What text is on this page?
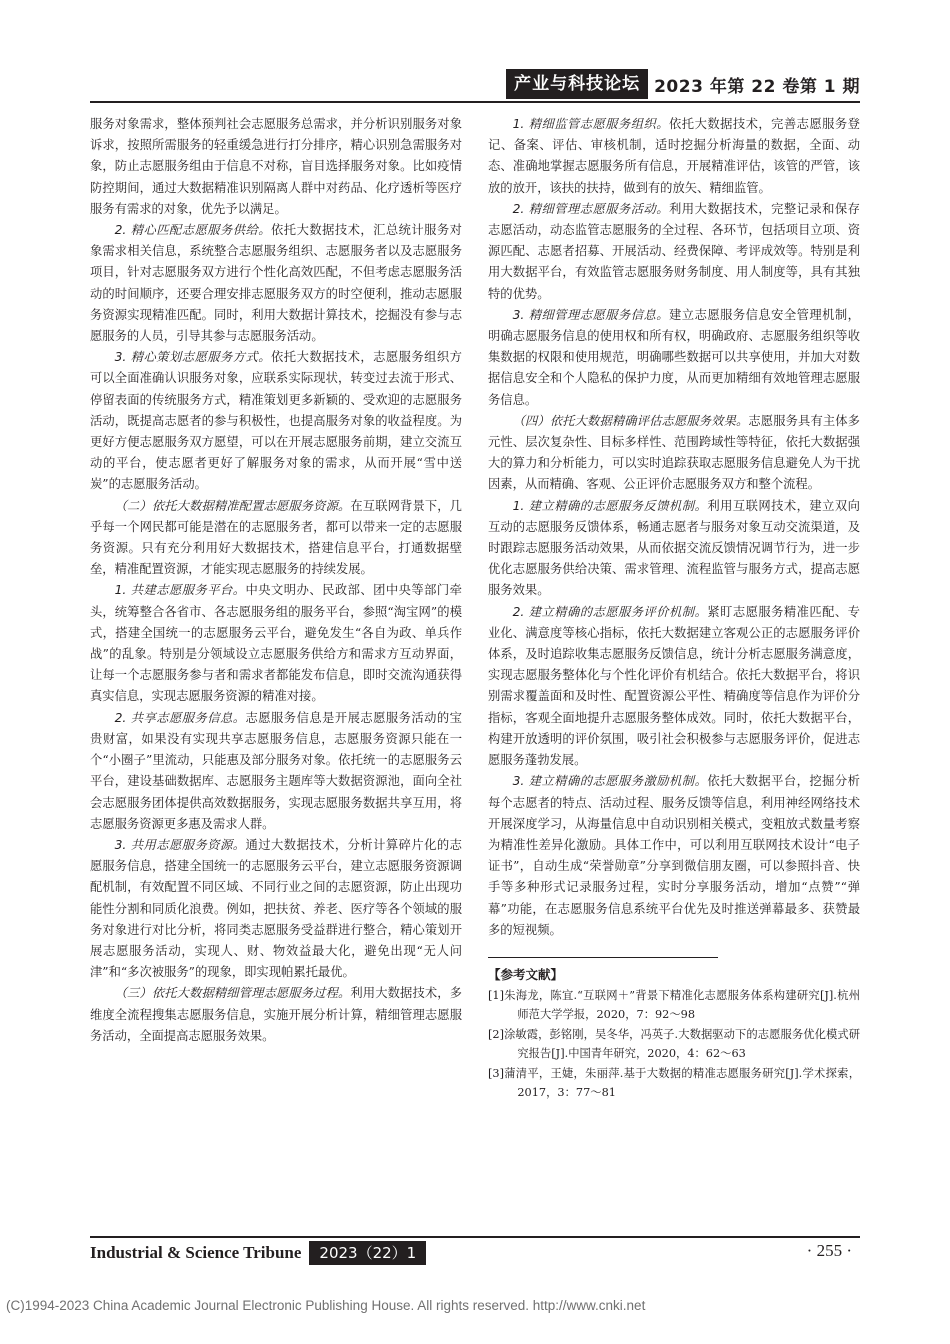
产业与科技论坛 2023 年第 22 卷第 1 期

服务对象需求，整体预判社会志愿服务总需求，并分析识别服务对象诉求，按照所需服务的轻重缓急进行打分排序，精心识别急需服务对象，防止志愿服务组由于信息不对称，盲目选择服务对象。比如疫情防控期间，通过大数据精准识别隔离人群中对药品、化疗透析等医疗服务有需求的对象，优先予以满足。

2. 精心匹配志愿服务供给。依托大数据技术，汇总统计服务对象需求相关信息，系统整合志愿服务组织、志愿服务者以及志愿服务项目，针对志愿服务双方进行个性化高效匹配，不但考虑志愿服务活动的时间顺序，还要合理安排志愿服务双方的时空便利，推动志愿服务资源实现精准匹配。同时，利用大数据计算技术，挖掘没有参与志愿服务的人员，引导其参与志愿服务活动。

3. 精心策划志愿服务方式。依托大数据技术，志愿服务组织方可以全面准确认识服务对象，应联系实际现状，转变过去流于形式、停留表面的传统服务方式，精准策划更多新颖的、受欢迎的志愿服务活动，既提高志愿者的参与积极性，也提高服务对象的收益程度。为更好方便志愿服务双方愿望，可以在开展志愿服务前期，建立交流互动的平台，使志愿者更好了解服务对象的需求，从而开展“雪中送炭”的志愿服务活动。

（二）依托大数据精准配置志愿服务资源。在互联网背景下，几乎每一个网民都可能是潜在的志愿服务者，都可以带来一定的志愿服务资源。只有充分利用好大数据技术，搭建信息平台，打通数据壁垒，精准配置资源，才能实现志愿服务的持续发展。

1. 共建志愿服务平台。中央文明办、民政部、团中央等部门牵头，统筹整合各省市、各志愿服务组的服务平台，参照“淘宝网”的模式，搭建全国统一的志愿服务云平台，避免发生“各自为政、单兵作战”的乱象。特别是分领域设立志愿服务供给方和需求方互动界面，让每一个志愿服务参与者和需求者都能发布信息，即时交流沟通获得真实信息，实现志愿服务资源的精准对接。

2. 共享志愿服务信息。志愿服务信息是开展志愿服务活动的宝贵财富，如果没有实现共享志愿服务信息，志愿服务资源只能在一个“小圈子”里流动，只能惠及部分服务对象。依托统一的志愿服务云平台，建设基础数据库、志愿服务主题库等大数据资源池，面向全社会志愿服务团体提供高效数据服务，实现志愿服务数据共享互用，将志愿服务资源更多惠及需求人群。

3. 共用志愿服务资源。通过大数据技术，分析计算碎片化的志愿服务信息，搭建全国统一的志愿服务云平台，建立志愿服务资源调配机制，有效配置不同区域、不同行业之间的志愿资源，防止出现功能性分割和同质化浪费。例如，把扶贫、养老、医疗等各个领域的服务对象进行对比分析，将同类志愿服务受益群进行整合，精心策划开展志愿服务活动，实现人、财、物效益最大化，避免出现“无人问津”和“多次被服务”的现象，即实现帕累托最优。

（三）依托大数据精细管理志愿服务过程。利用大数据技术，多维度全流程搜集志愿服务信息，实施开展分析计算，精细管理志愿服务活动，全面提高志愿服务效果。

1. 精细监管志愿服务组织。依托大数据技术，完善志愿服务登记、备案、评估、审核机制，适时挖掘分析海量的数据，全面、动态、准确地掌握志愿服务所有信息，开展精准评估，该管的严管，该放的放开，该扶的扶持，做到有的放矢、精细监管。

2. 精细管理志愿服务活动。利用大数据技术，完整记录和保存志愿活动，动态监管志愿服务的全过程、各环节，包括项目立项、资源匹配、志愿者招募、开展活动、经费保障、考评成效等。特别是利用大数据平台，有效监管志愿服务财务制度、用人制度等，具有其独特的优势。

3. 精细管理志愿服务信息。建立志愿服务信息安全管理机制，明确志愿服务信息的使用权和所有权，明确政府、志愿服务组织等收集数据的权限和使用规范，明确哪些数据可以共享使用，并加大对数据信息安全和个人隐私的保护力度，从而更加精细有效地管理志愿服务信息。

（四）依托大数据精确评估志愿服务效果。志愿服务具有主体多元性、层次复杂性、目标多样性、范围跨域性等特征，依托大数据强大的算力和分析能力，可以实时追踪获取志愿服务信息避免人为干扰因素，从而精确、客观、公正评价志愿服务双方和整个流程。

1. 建立精确的志愿服务反馈机制。利用互联网技术，建立双向互动的志愿服务反馈体系，畅通志愿者与服务对象互动交流渠道，及时跟踪志愿服务活动效果，从而依据交流反馈情况调节行为，进一步优化志愿服务供给决策、需求管理、流程监管与服务方式，提高志愿服务效果。

2. 建立精确的志愿服务评价机制。紧盯志愿服务精准匹配、专业化、满意度等核心指标，依托大数据建立客观公正的志愿服务评价体系，及时追踪收集志愿服务反馈信息，统计分析志愿服务满意度，实现志愿服务整体化与个性化评价有机结合。依托大数据平台，将识别需求覆盖面和及时性、配置资源公平性、精确度等信息作为评价分指标，客观全面地提升志愿服务整体成效。同时，依托大数据平台，构建开放透明的评价氛围，吸引社会积极参与志愿服务评价，促进志愿服务蓬勃发展。

3. 建立精确的志愿服务激励机制。依托大数据平台，挖掘分析每个志愿者的特点、活动过程、服务反馈等信息，利用神经网络技术开展深度学习，从海量信息中自动识别相关模式，变粗放式数量考察为精准性差异化激励。具体工作中，可以利用互联网技术设计“电子证书”，自动生成“荣誉勋章”分享到微信朋友圈，可以参照抖音、快手等多种形式记录服务过程，实时分享服务活动，增加“点赞”“弹幕”功能，在志愿服务信息系统平台优先及时推送弹幕最多、获赞最多的短视频。

【参考文献】
[1]朱海龙，陈宜.“互联网＋”背景下精准化志愿服务体系构建研究[J].杭州师范大学学报，2020，7：92～98
[2]涂敏霞，彭铭刚，吴冬华，冯英子.大数据驱动下的志愿服务优化模式研究报告[J].中国青年研究，2020，4：62～63
[3]蒲清平，王婕，朱丽萍.基于大数据的精准志愿服务研究[J].学术探索，2017，3：77～81
Industrial & Science Tribune	2023（22）1	· 255 ·
(C)1994-2023 China Academic Journal Electronic Publishing House. All rights reserved. http://www.cnki.net
